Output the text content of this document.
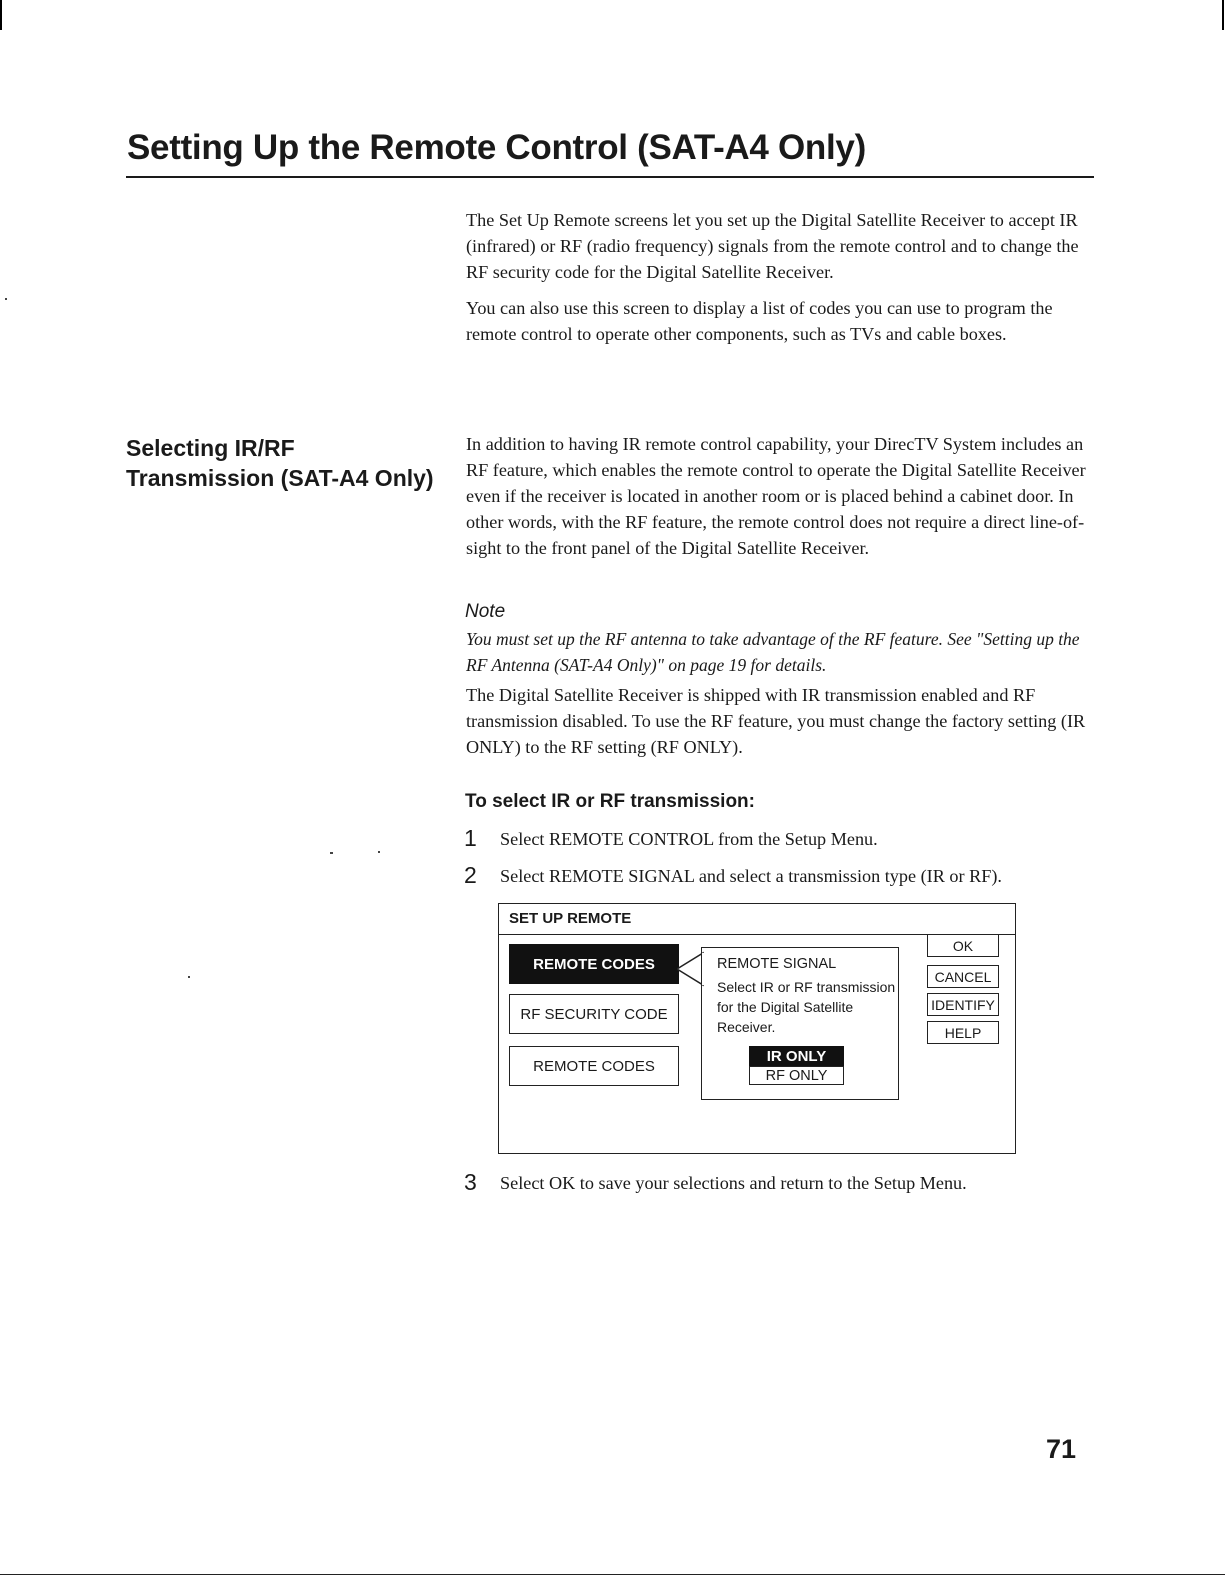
Setting Up the Remote Control (SAT-A4 Only)

The Set Up Remote screens let you set up the Digital Satellite Receiver to accept IR (infrared) or RF (radio frequency) signals from the remote control and to change the RF security code for the Digital Satellite Receiver.

You can also use this screen to display a list of codes you can use to program the remote control to operate other components, such as TVs and cable boxes.

Selecting IR/RF Transmission (SAT-A4 Only)

In addition to having IR remote control capability, your DirecTV System includes an RF feature, which enables the remote control to operate the Digital Satellite Receiver even if the receiver is located in another room or is placed behind a cabinet door. In other words, with the RF feature, the remote control does not require a direct line-of-sight to the front panel of the Digital Satellite Receiver.

Note
You must set up the RF antenna to take advantage of the RF feature. See "Setting up the RF Antenna (SAT-A4 Only)" on page 19 for details.

The Digital Satellite Receiver is shipped with IR transmission enabled and RF transmission disabled. To use the RF feature, you must change the factory setting (IR ONLY) to the RF setting (RF ONLY).

To select IR or RF transmission:
1 Select REMOTE CONTROL from the Setup Menu.
2 Select REMOTE SIGNAL and select a transmission type (IR or RF).
SET UP REMOTE
REMOTE CODES
RF SECURITY CODE
REMOTE CODES
REMOTE SIGNAL
Select IR or RF transmission for the Digital Satellite Receiver.
IR ONLY
RF ONLY
OK
CANCEL
IDENTIFY
HELP
3 Select OK to save your selections and return to the Setup Menu.
71
